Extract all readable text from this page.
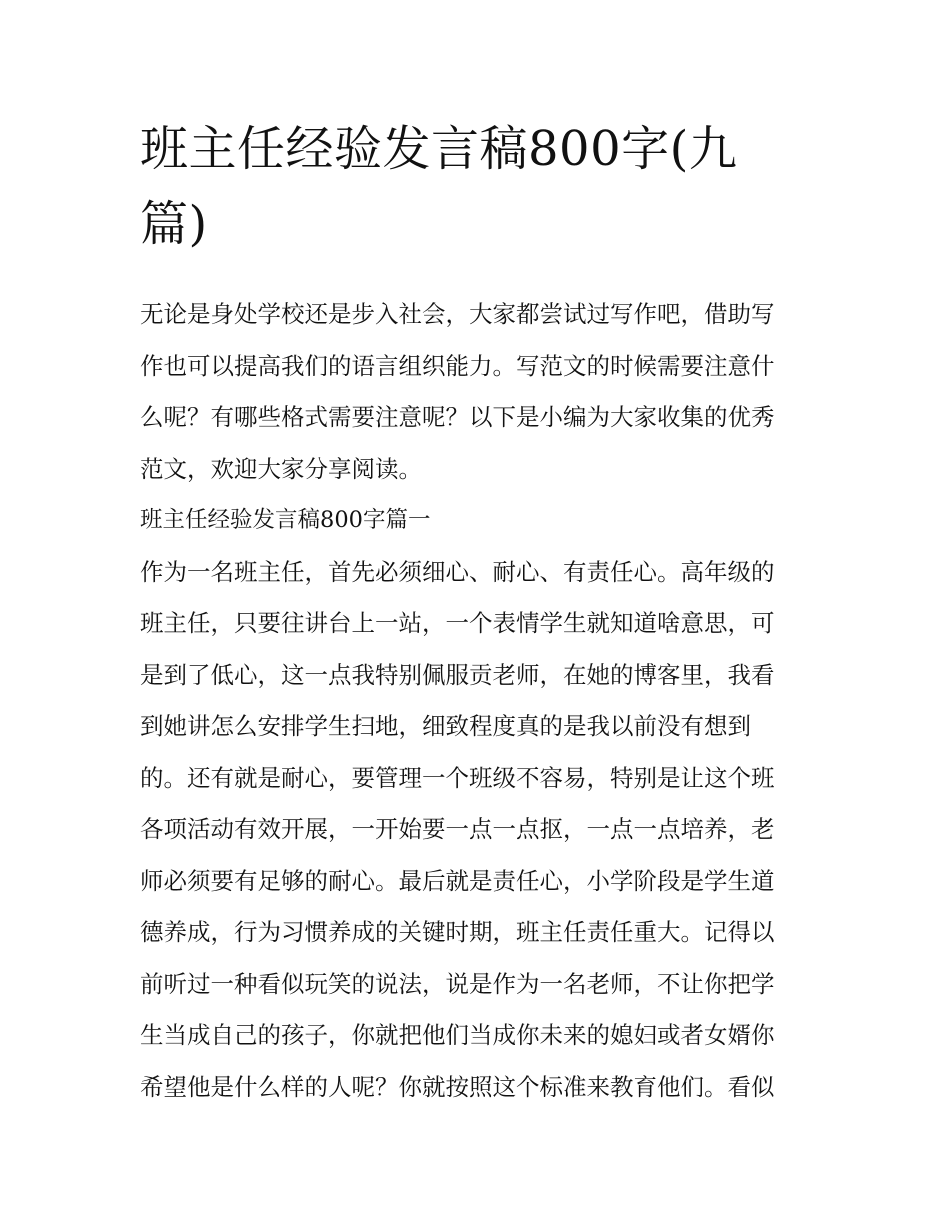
班主任经验发言稿800字(九
篇)
无论是身处学校还是步入社会，大家都尝试过写作吧，借助写
作也可以提高我们的语言组织能力。写范文的时候需要注意什
么呢？有哪些格式需要注意呢？以下是小编为大家收集的优秀
范文，欢迎大家分享阅读。
班主任经验发言稿800字篇一
作为一名班主任，首先必须细心、耐心、有责任心。高年级的
班主任，只要往讲台上一站，一个表情学生就知道啥意思，可
是到了低心，这一点我特别佩服贡老师，在她的博客里，我看
到她讲怎么安排学生扫地，细致程度真的是我以前没有想到
的。还有就是耐心，要管理一个班级不容易，特别是让这个班
各项活动有效开展，一开始要一点一点抠，一点一点培养，老
师必须要有足够的耐心。最后就是责任心，小学阶段是学生道
德养成，行为习惯养成的关键时期，班主任责任重大。记得以
前听过一种看似玩笑的说法，说是作为一名老师，不让你把学
生当成自己的孩子，你就把他们当成你未来的媳妇或者女婿你
希望他是什么样的人呢？你就按照这个标准来教育他们。看似
